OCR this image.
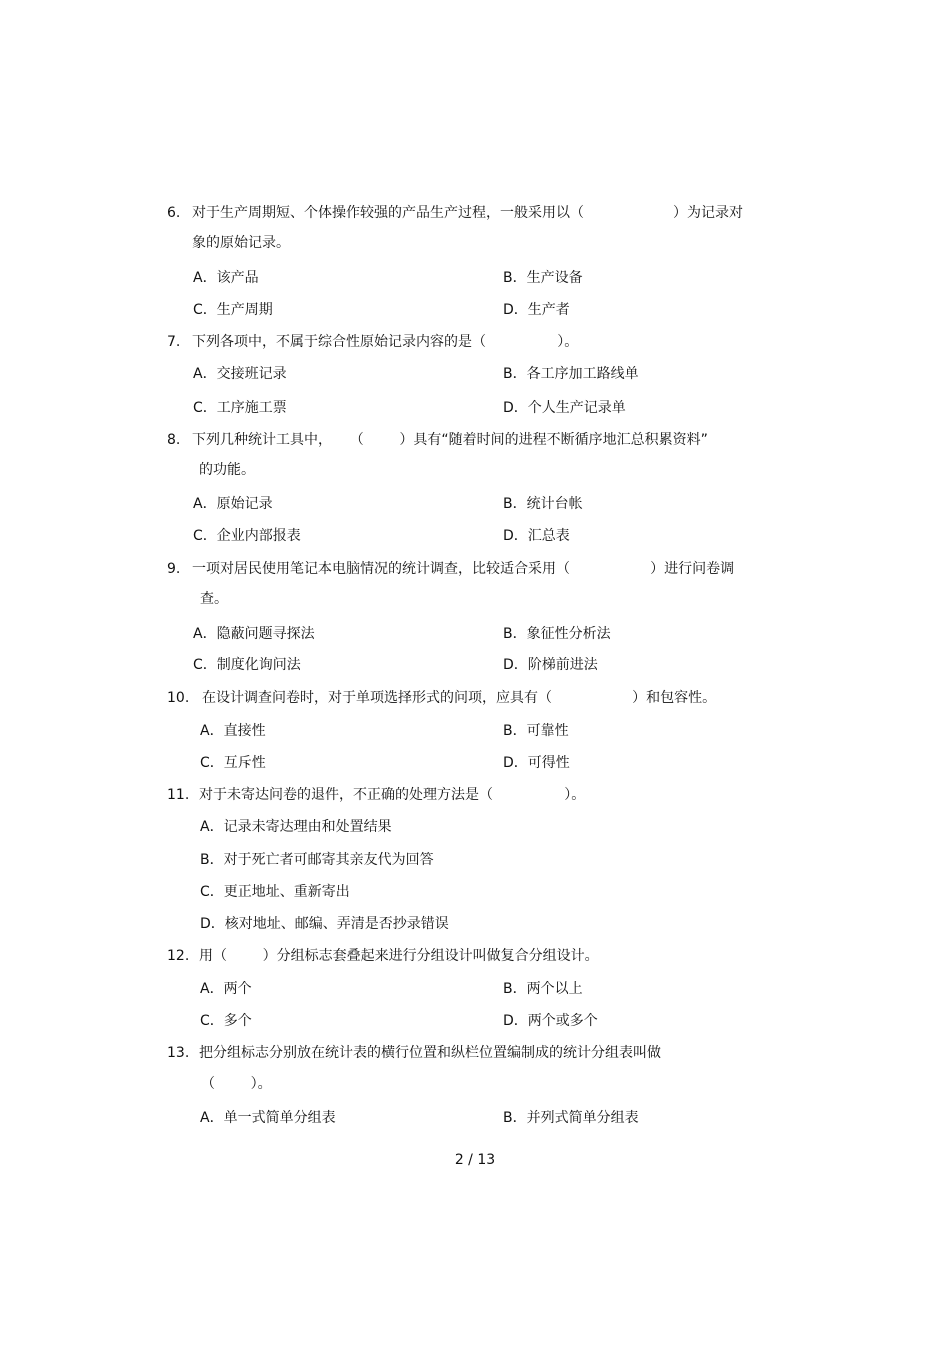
6. 对于生产周期短、个体操作较强的产品生产过程，一般采用以（                    ）为记录对
象的原始记录。
A．该产品	B．生产设备
C．生产周期	D．生产者
7. 下列各项中，不属于综合性原始记录内容的是（                ）。
A．交接班记录	B．各工序加工路线单
C．工序施工票	D．个人生产记录单
8. 下列几种统计工具中，    （        ）具有“随着时间的进程不断循序地汇总积累资料”
的功能。
A．原始记录	B．统计台帐
C．企业内部报表	D．汇总表
9. 一项对居民使用笔记本电脑情况的统计调查，比较适合采用（                  ）进行问卷调
查。
A．隐蔽问题寻探法	B．象征性分析法
C．制度化询问法	D．阶梯前进法
10. 在设计调查问卷时，对于单项选择形式的问项，应具有（                  ）和包容性。
A．直接性	B．可靠性
C．互斥性	D．可得性
11. 对于未寄达问卷的退件，不正确的处理方法是（                ）。
A．记录未寄达理由和处置结果
B．对于死亡者可邮寄其亲友代为回答
C．更正地址、重新寄出
D．核对地址、邮编、弄清是否抄录错误
12. 用（        ）分组标志套叠起来进行分组设计叫做复合分组设计。
A．两个	B．两个以上
C．多个	D．两个或多个
13. 把分组标志分别放在统计表的横行位置和纵栏位置编制成的统计分组表叫做
（        ）。
A．单一式简单分组表	B．并列式简单分组表
2 / 13
